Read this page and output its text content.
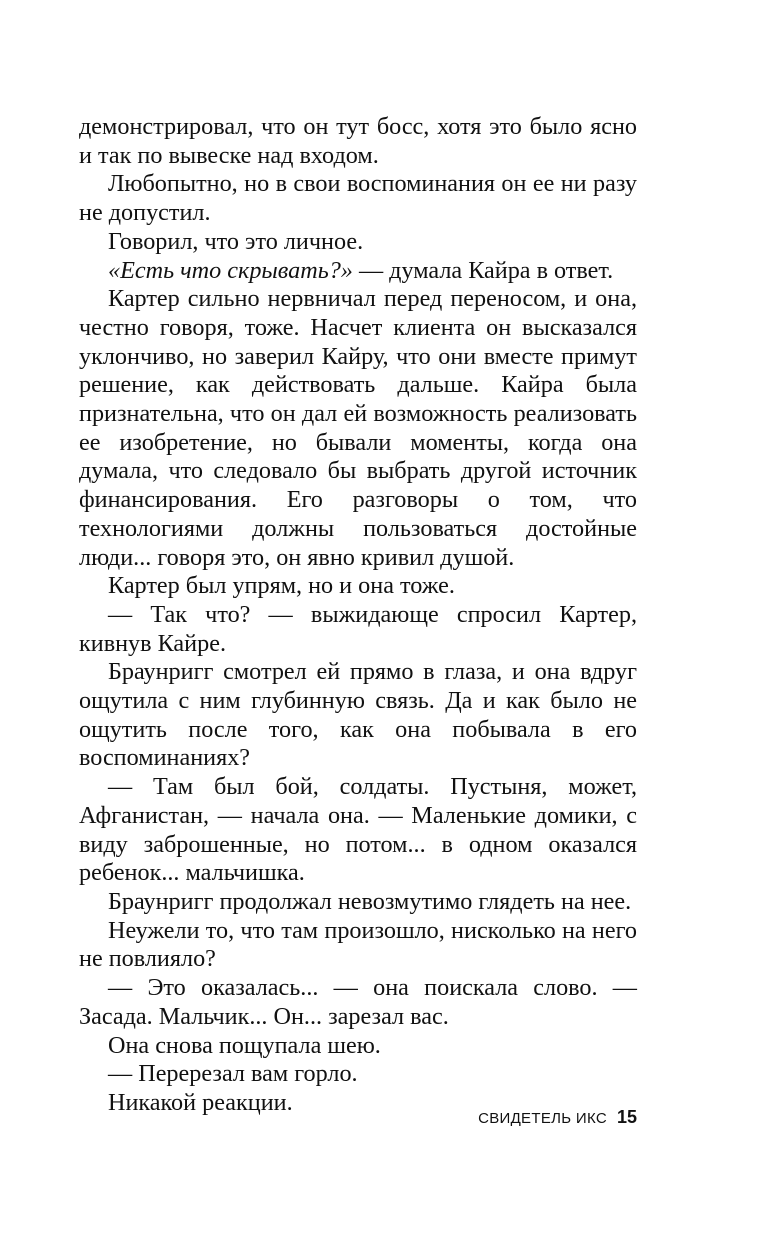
демонстрировал, что он тут босс, хотя это было ясно и так по вывеске над входом.

Любопытно, но в свои воспоминания он ее ни разу не допустил.

Говорил, что это личное.

«Есть что скрывать?» — думала Кайра в ответ.

Картер сильно нервничал перед переносом, и она, честно говоря, тоже. Насчет клиента он высказался уклончиво, но заверил Кайру, что они вместе примут решение, как действовать дальше. Кайра была признательна, что он дал ей возможность реализовать ее изобретение, но бывали моменты, когда она думала, что следовало бы выбрать другой источник финансирования. Его разговоры о том, что технологиями должны пользоваться достойные люди... говоря это, он явно кривил душой.

Картер был упрям, но и она тоже.

— Так что? — выжидающе спросил Картер, кивнув Кайре.

Браунригг смотрел ей прямо в глаза, и она вдруг ощутила с ним глубинную связь. Да и как было не ощутить после того, как она побывала в его воспоминаниях?

— Там был бой, солдаты. Пустыня, может, Афганистан, — начала она. — Маленькие домики, с виду заброшенные, но потом... в одном оказался ребенок... мальчишка.

Браунригг продолжал невозмутимо глядеть на нее.

Неужели то, что там произошло, нисколько на него не повлияло?

— Это оказалась... — она поискала слово. — Засада. Мальчик... Он... зарезал вас.

Она снова пощупала шею.

— Перерезал вам горло.

Никакой реакции.

СВИДЕТЕЛЬ ИКС 15
